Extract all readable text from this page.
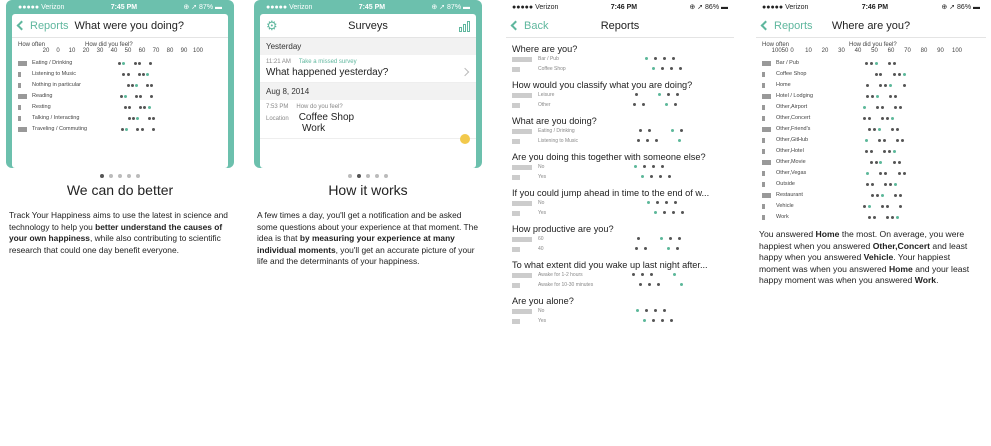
●●●●● Verizon	7:45 PM	⊕ ➚ 87% ▬
Reports What were you doing?
How often	How did you feel?
20 0 10 20 30 40 50 60 70 80 90 100
Eating / Drinking
Listening to Music
Nothing in particular
Reading
Resting
Talking / Interacting
Traveling / Commuting
We can do better
Track Your Happiness aims to use the latest in science and technology to help you better understand the causes of your own happiness, while also contributing to scientific research that could one day benefit everyone.
●●●●● Verizon	7:45 PM	⊕ ➚ 87% ▬
⚙	Surveys
Yesterday
11:21 AM Take a missed survey
What happened yesterday?
Aug 8, 2014
7:53 PM How do you feel?
Location Coffee Shop
Work
How it works
A few times a day, you'll get a notification and be asked some questions about your experience at that moment. The idea is that by measuring your experience at many individual moments, you'll get an accurate picture of your life and the determinants of your happiness.
●●●●● Verizon	7:46 PM	⊕ ➚ 86% ▬
Back	Reports
Where are you?
Bar / Pub
Coffee Shop
How would you classify what you are doing?
Leisure
Other
What are you doing?
Eating / Drinking
Listening to Music
Are you doing this together with someone else?
No
Yes
If you could jump ahead in time to the end of w...
No
Yes
How productive are you?
60
40
To what extent did you wake up last night after...
Awake for 1-2 hours
Awake for 10-30 minutes
Are you alone?
No
Yes
●●●●● Verizon	7:46 PM	⊕ ➚ 86% ▬
Reports	Where are you?
How often	How did you feel?
10050 0 10 20 30 40 50 60 70 80 90 100
Bar / Pub
Coffee Shop
Home
Hotel / Lodging
Other,Airport
Other,Concert
Other,Friend's
Other,GitHub
Other,Hotel
Other,Movie
Other,Vegas
Outside
Restaurant
Vehicle
Work
You answered Home the most. On average, you were happiest when you answered Other,Concert and least happy when you answered Vehicle. Your happiest moment was when you answered Home and your least happy moment was when you answered Work.
